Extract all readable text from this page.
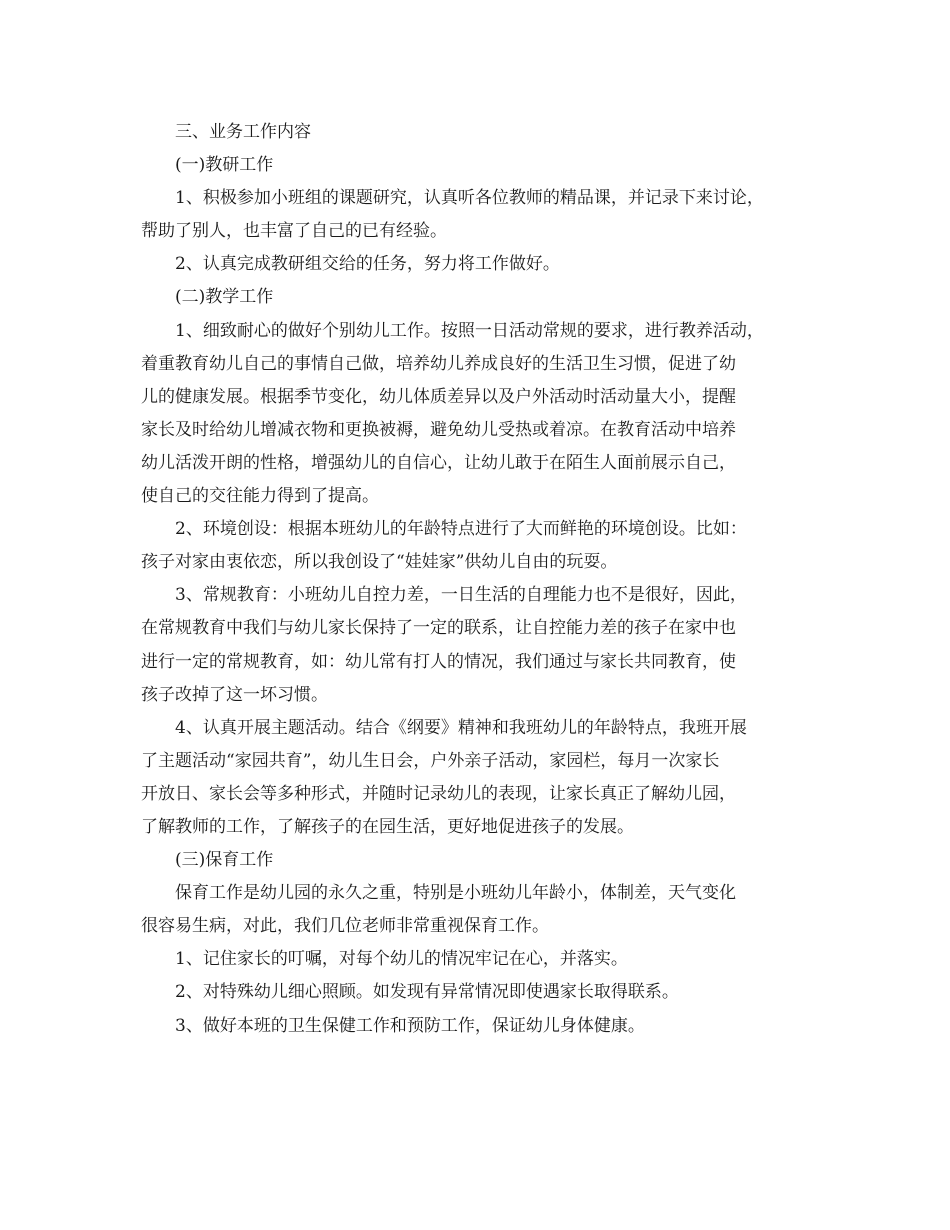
三、业务工作内容
(一)教研工作
1、积极参加小班组的课题研究，认真听各位教师的精品课，并记录下来讨论，
帮助了别人，也丰富了自己的已有经验。
2、认真完成教研组交给的任务，努力将工作做好。
(二)教学工作
1、细致耐心的做好个别幼儿工作。按照一日活动常规的要求，进行教养活动，
着重教育幼儿自己的事情自己做，培养幼儿养成良好的生活卫生习惯，促进了幼
儿的健康发展。根据季节变化，幼儿体质差异以及户外活动时活动量大小，提醒
家长及时给幼儿增减衣物和更换被褥，避免幼儿受热或着凉。在教育活动中培养
幼儿活泼开朗的性格，增强幼儿的自信心，让幼儿敢于在陌生人面前展示自己，
使自己的交往能力得到了提高。
2、环境创设：根据本班幼儿的年龄特点进行了大而鲜艳的环境创设。比如：
孩子对家由衷依恋，所以我创设了“娃娃家”供幼儿自由的玩耍。
3、常规教育：小班幼儿自控力差，一日生活的自理能力也不是很好，因此，
在常规教育中我们与幼儿家长保持了一定的联系，让自控能力差的孩子在家中也
进行一定的常规教育，如：幼儿常有打人的情况，我们通过与家长共同教育，使
孩子改掉了这一坏习惯。
4、认真开展主题活动。结合《纲要》精神和我班幼儿的年龄特点，我班开展
了主题活动“家园共育”，幼儿生日会，户外亲子活动，家园栏，每月一次家长
开放日、家长会等多种形式，并随时记录幼儿的表现，让家长真正了解幼儿园，
了解教师的工作，了解孩子的在园生活，更好地促进孩子的发展。
(三)保育工作
保育工作是幼儿园的永久之重，特别是小班幼儿年龄小，体制差，天气变化
很容易生病，对此，我们几位老师非常重视保育工作。
1、记住家长的叮嘱，对每个幼儿的情况牢记在心，并落实。
2、对特殊幼儿细心照顾。如发现有异常情况即使遇家长取得联系。
3、做好本班的卫生保健工作和预防工作，保证幼儿身体健康。
